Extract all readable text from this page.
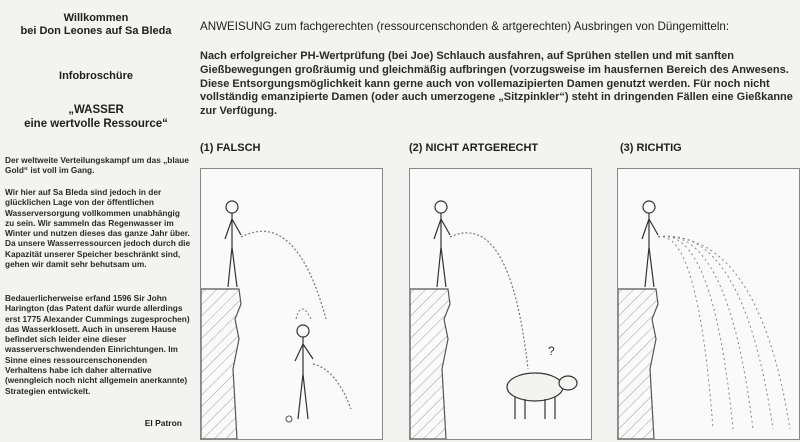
Willkommen
bei Don Leones auf Sa Bleda
Infobroschüre
„WASSER
eine wertvolle Ressource“
Der weltweite Verteilungskampf um das „blaue Gold“ ist voll im Gang.
Wir hier auf Sa Bleda sind jedoch in der glücklichen Lage von der öffentlichen Wasserversorgung vollkommen unabhängig zu sein. Wir sammeln das Regenwasser im Winter und nutzen dieses das ganze Jahr über. Da unsere Wasserressourcen jedoch durch die Kapazität unserer Speicher beschränkt sind, gehen wir damit sehr behutsam um.
Bedauerlicherweise erfand 1596 Sir John Harington (das Patent dafür wurde allerdings erst 1775 Alexander Cummings zugesprochen) das Wasserklosett. Auch in unserem Hause befindet sich leider eine dieser wasserverschwendenden Einrichtungen. Im Sinne eines ressourcenschonenden Verhaltens habe ich daher alternative (wenngleich noch nicht allgemein anerkannte) Strategien entwickelt.
El Patron
ANWEISUNG zum fachgerechten (ressourcenschonden & artgerechten) Ausbringen von Düngemitteln:
Nach erfolgreicher PH-Wertprüfung (bei Joe) Schlauch ausfahren, auf Sprühen stellen und mit sanften Gießbewegungen großräumig und gleichmäßig aufbringen (vorzugsweise im hausfernen Bereich des Anwesens. Diese Entsorgungsmöglichkeit kann gerne auch von vollemazipierten Damen genutzt werden. Für noch nicht vollständig emanzipierte Damen (oder auch umerzogene „Sitzpinkler“) steht in dringenden Fällen eine Gießkanne zur Verfügung.
(1) FALSCH	(2) NICHT ARTGERECHT	(3) RICHTIG
?
